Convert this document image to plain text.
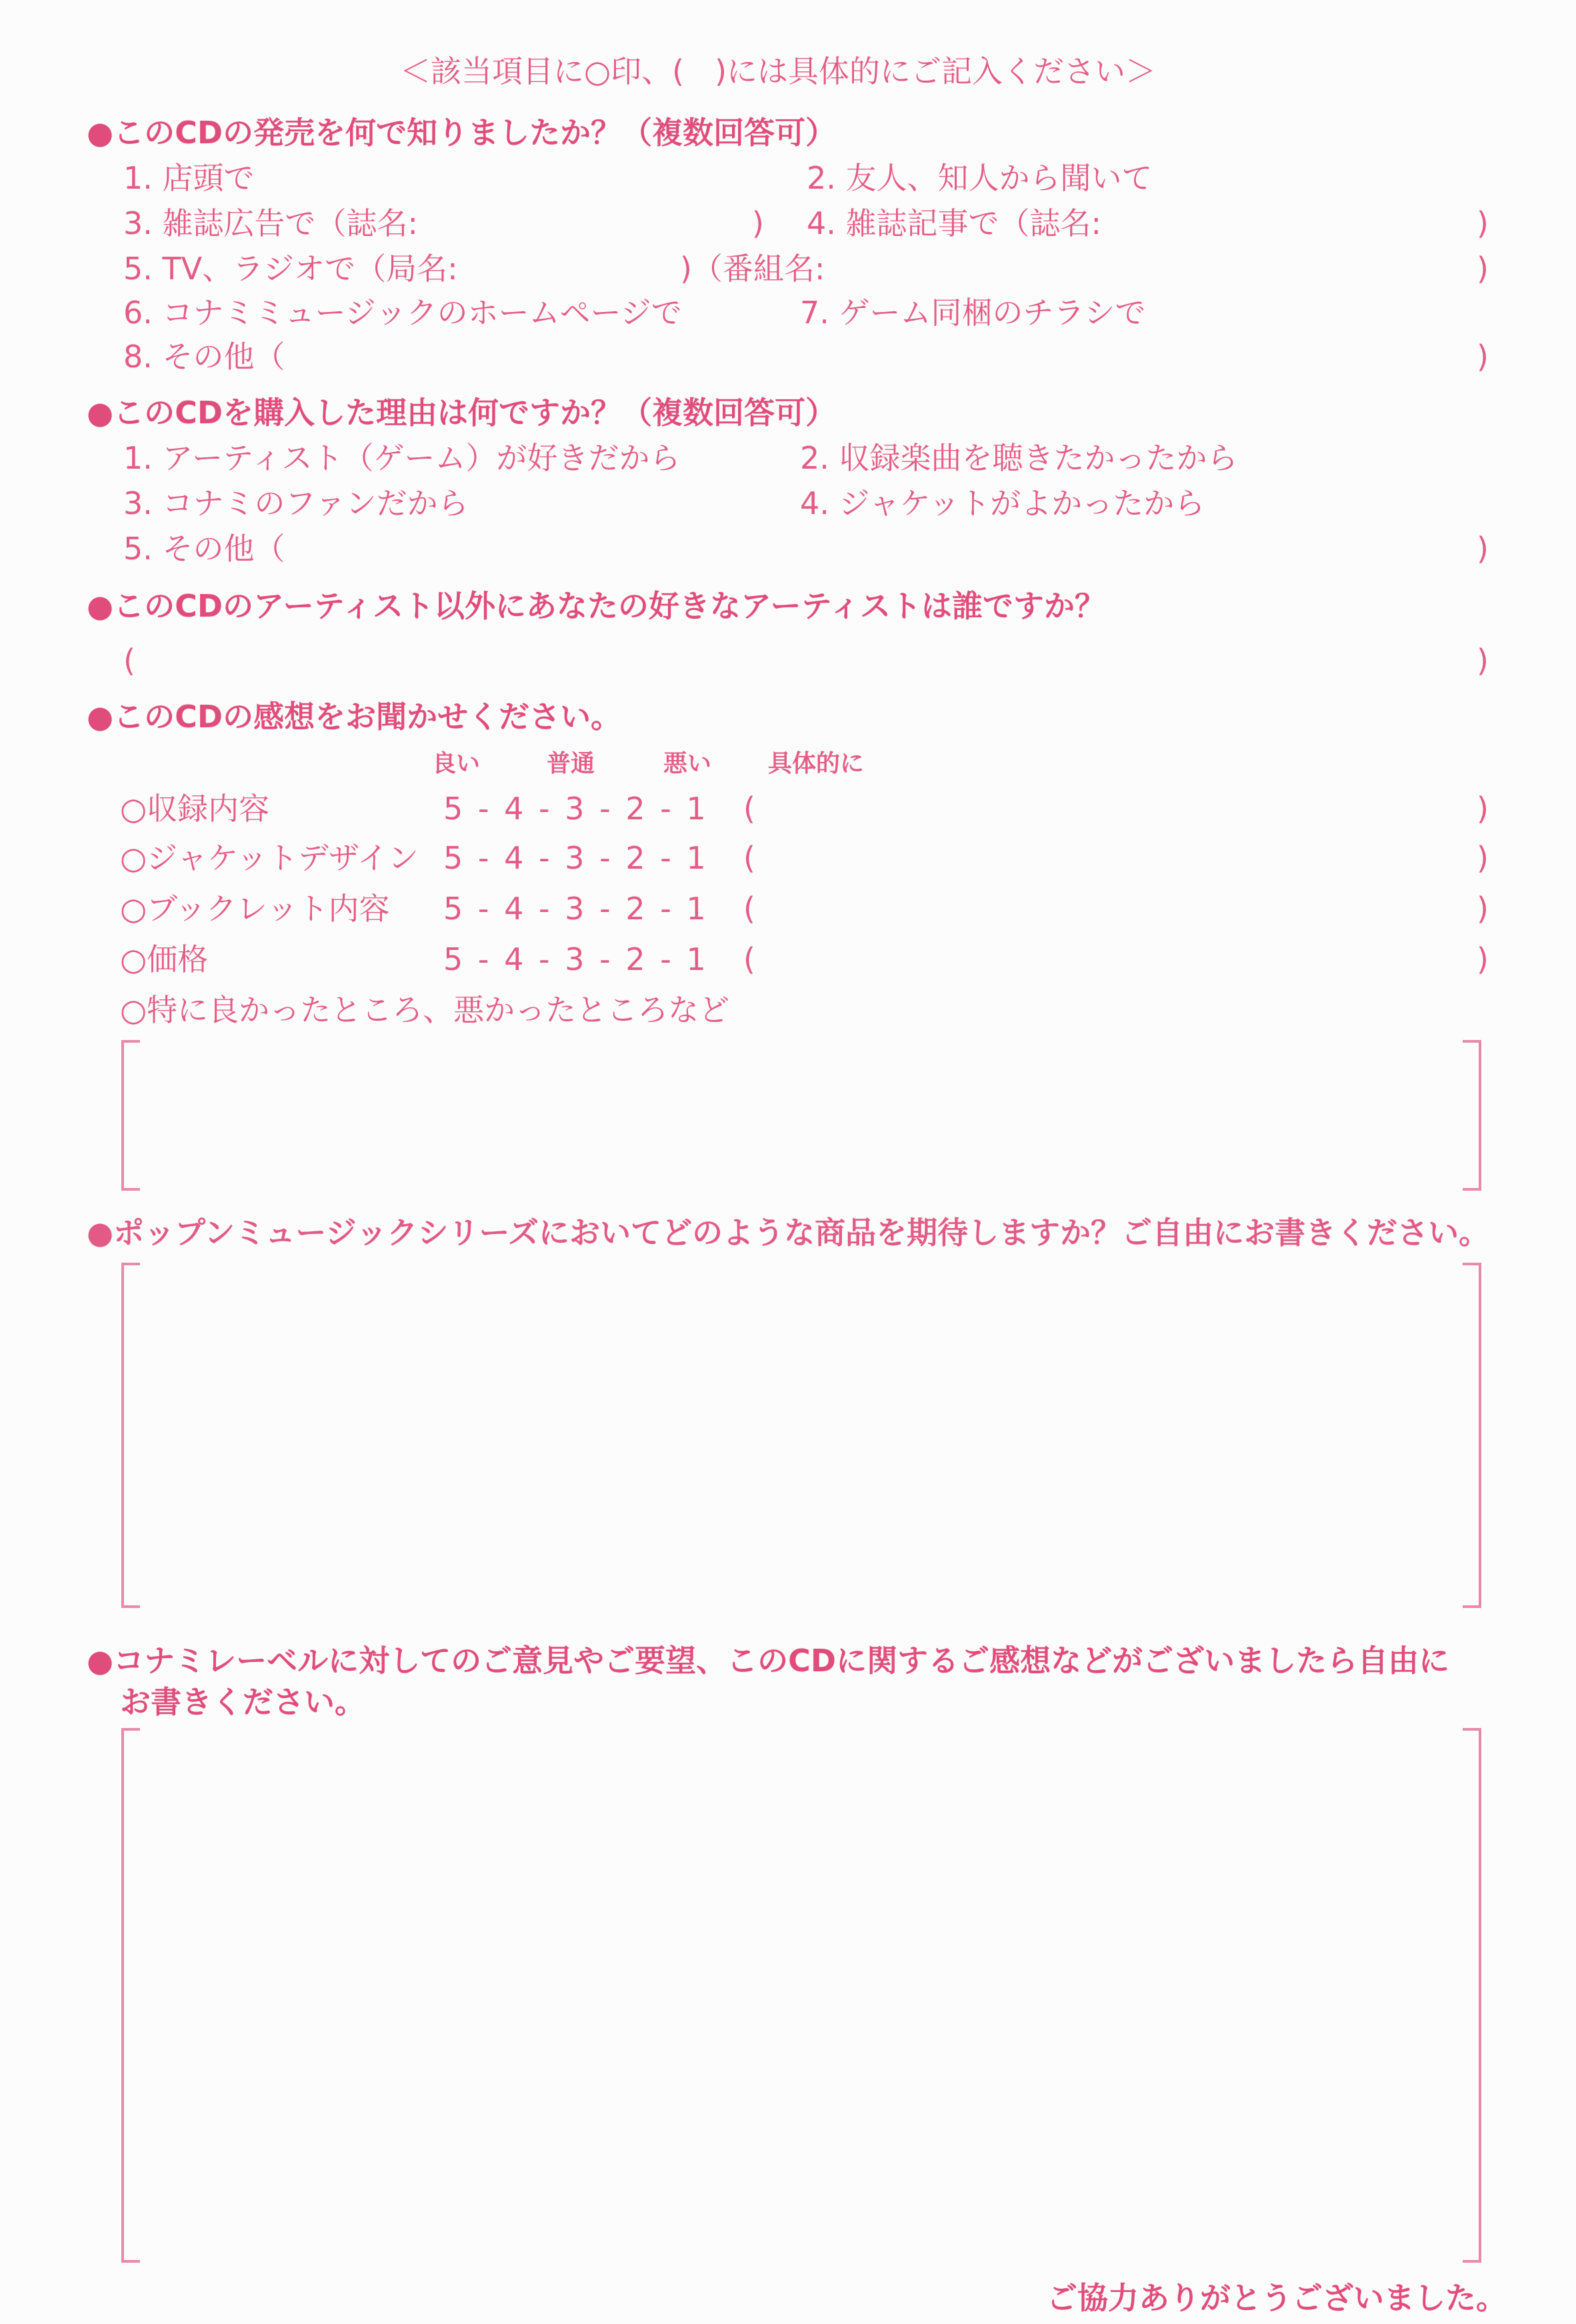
＜該当項目に○印、(　)には具体的にご記入ください＞
●このCDの発売を何で知りましたか？（複数回答可）
1. 店頭で	2. 友人、知人から聞いて
3. 雑誌広告で（誌名:	) 4. 雑誌記事で（誌名:	)
5. TV、ラジオで（局名:	)（番組名:	)
6. コナミミュージックのホームページで	7. ゲーム同梱のチラシで
8. その他（	)
●このCDを購入した理由は何ですか？（複数回答可）
1. アーティスト（ゲーム）が好きだから	2. 収録楽曲を聴きたかったから
3. コナミのファンだから	4. ジャケットがよかったから
5. その他（	)
●このCDのアーティスト以外にあなたの好きなアーティストは誰ですか？
(	)
●このCDの感想をお聞かせください。
良い	普通	悪い 具体的に
○収録内容	5 - 4 - 3 - 2 - 1 (	)
○ジャケットデザイン 5 - 4 - 3 - 2 - 1 (	)
○ブックレット内容 5 - 4 - 3 - 2 - 1 (	)
○価格	5 - 4 - 3 - 2 - 1 (	)
○特に良かったところ、悪かったところなど
●ポップンミュージックシリーズにおいてどのような商品を期待しますか？ご自由にお書きください。
●コナミレーベルに対してのご意見やご要望、このCDに関するご感想などがございましたら自由に
お書きください。
ご協力ありがとうございました。
